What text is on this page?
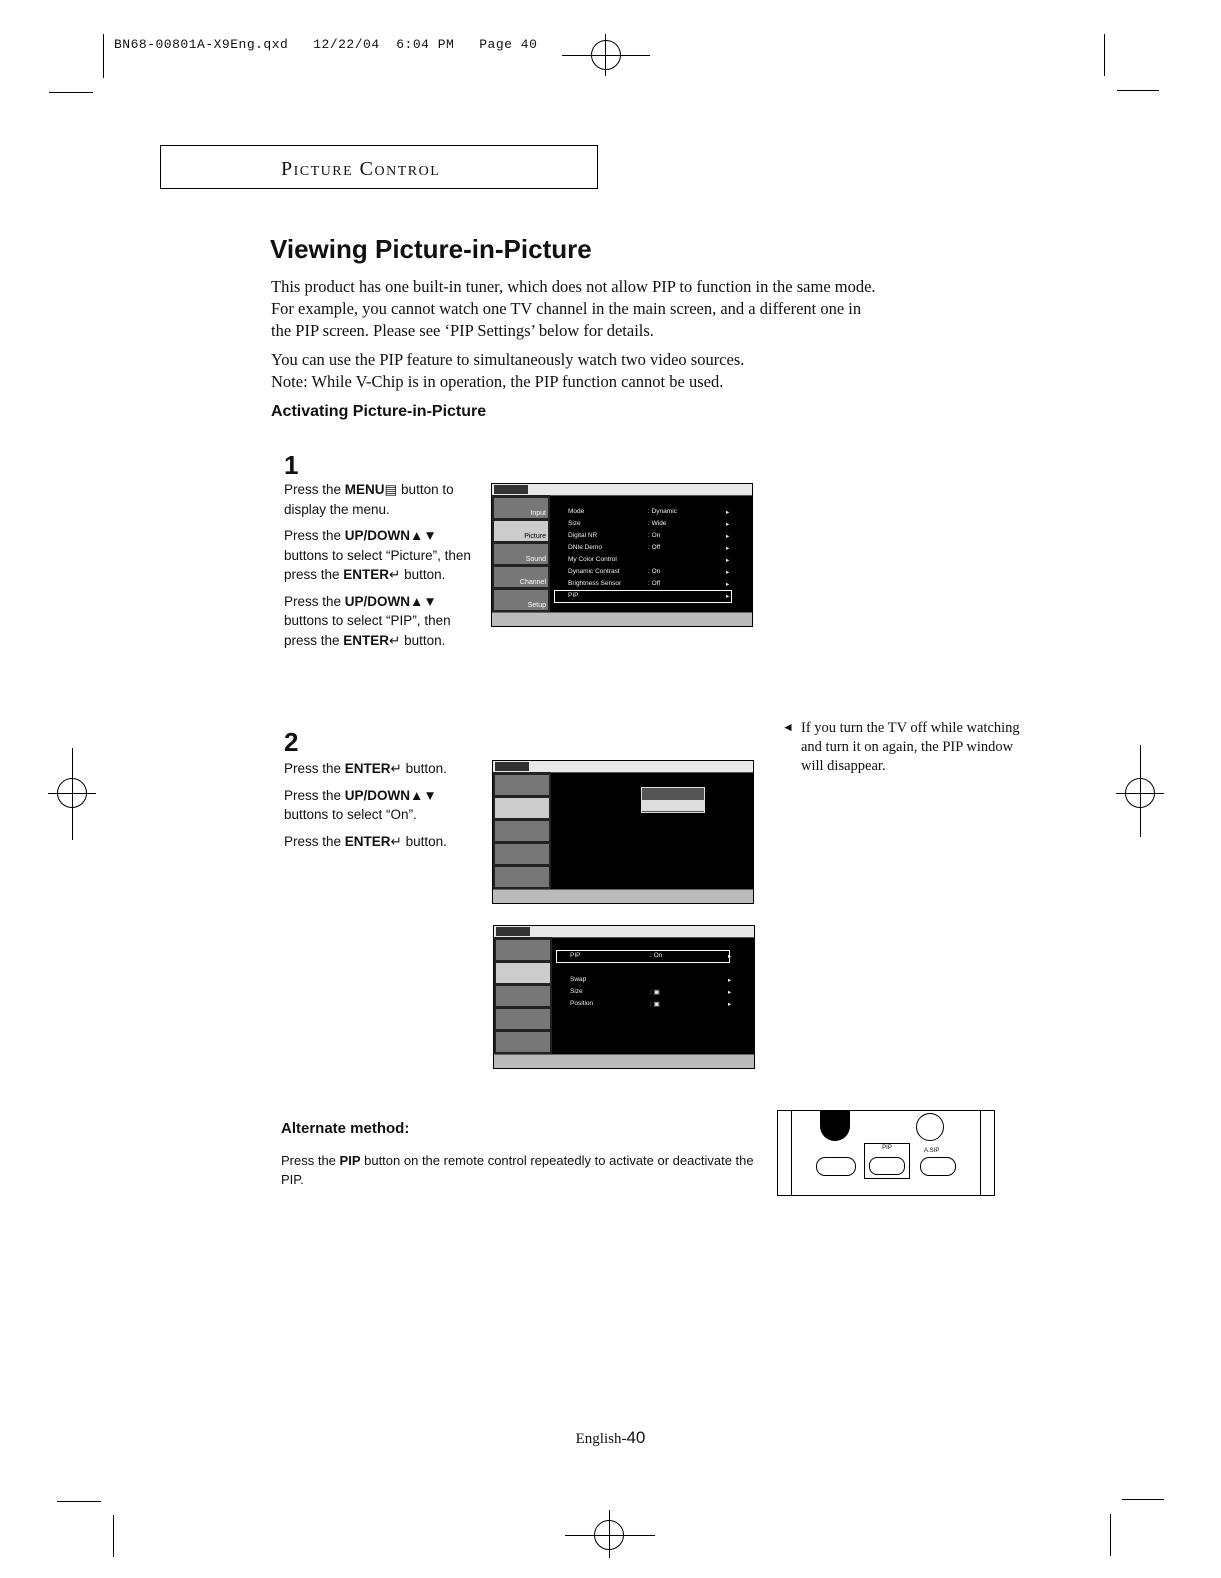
BN68-00801A-X9Eng.qxd   12/22/04  6:04 PM   Page 40
Picture Control
Viewing Picture-in-Picture
This product has one built-in tuner, which does not allow PIP to function in the same mode.
For example, you cannot watch one TV channel in the main screen, and a different one in
the PIP screen. Please see ‘PIP Settings’ below for details.
You can use the PIP feature to simultaneously watch two video sources.
Note: While V-Chip is in operation, the PIP function cannot be used.
Activating Picture-in-Picture
1

Press the MENU▤ button to display the menu.

Press the UP/DOWN▲▼ buttons to select “Picture”, then press the ENTER↵ button.

Press the UP/DOWN▲▼ buttons to select “PIP”, then press the ENTER↵ button.

Input
Picture
Sound
Channel
Setup
Mode	: Dynamic	▸
Size	: Wide	▸
Digital NR	: On	▸
DNIe Demo	: Off	▸
My Color Control	▸
Dynamic Contrast	: On	▸
Brightness Sensor	: Off	▸
PIP	▸
2

Press the ENTER↵ button.

Press the UP/DOWN▲▼ buttons to select “On”.

Press the ENTER↵ button.

PIP	: On	▸
Swap	▸
Size	: ▣	▸
Position	: ▣	▸
◄ If you turn the TV off while watching and turn it on again, the PIP window will disappear.
Alternate method:
Press the PIP button on the remote control repeatedly to activate or deactivate the PIP.
PIP	A.SIP
English-40
